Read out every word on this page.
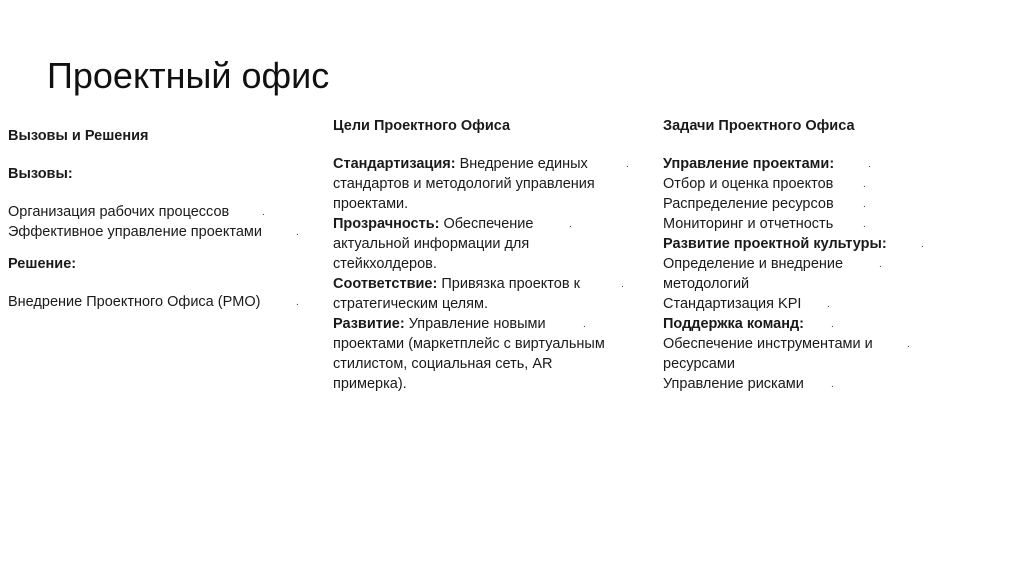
Проектный офис
Вызовы и Решения
Вызовы:
Организация рабочих процессов	.
Эффективное управление проектами	.
Решение:
Внедрение Проектного Офиса (PMO)	.
Цели Проектного Офиса
Стандартизация: Внедрение единых стандартов и методологий управления проектами.
.
Прозрачность: Обеспечение актуальной информации для стейкхолдеров.
.
Соответствие: Привязка проектов к стратегическим целям.
.
Развитие: Управление новыми проектами (маркетплейс с виртуальным стилистом, социальная сеть, AR примерка).
.
Задачи Проектного Офиса
Управление проектами:	.
Отбор и оценка проектов	.
Распределение ресурсов	.
Мониторинг и отчетность	.
Развитие проектной культуры:	.
Определение и внедрение методологий
.
Стандартизация KPI	.
Поддержка команд:	.
Обеспечение инструментами и ресурсами
.
Управление рисками	.
